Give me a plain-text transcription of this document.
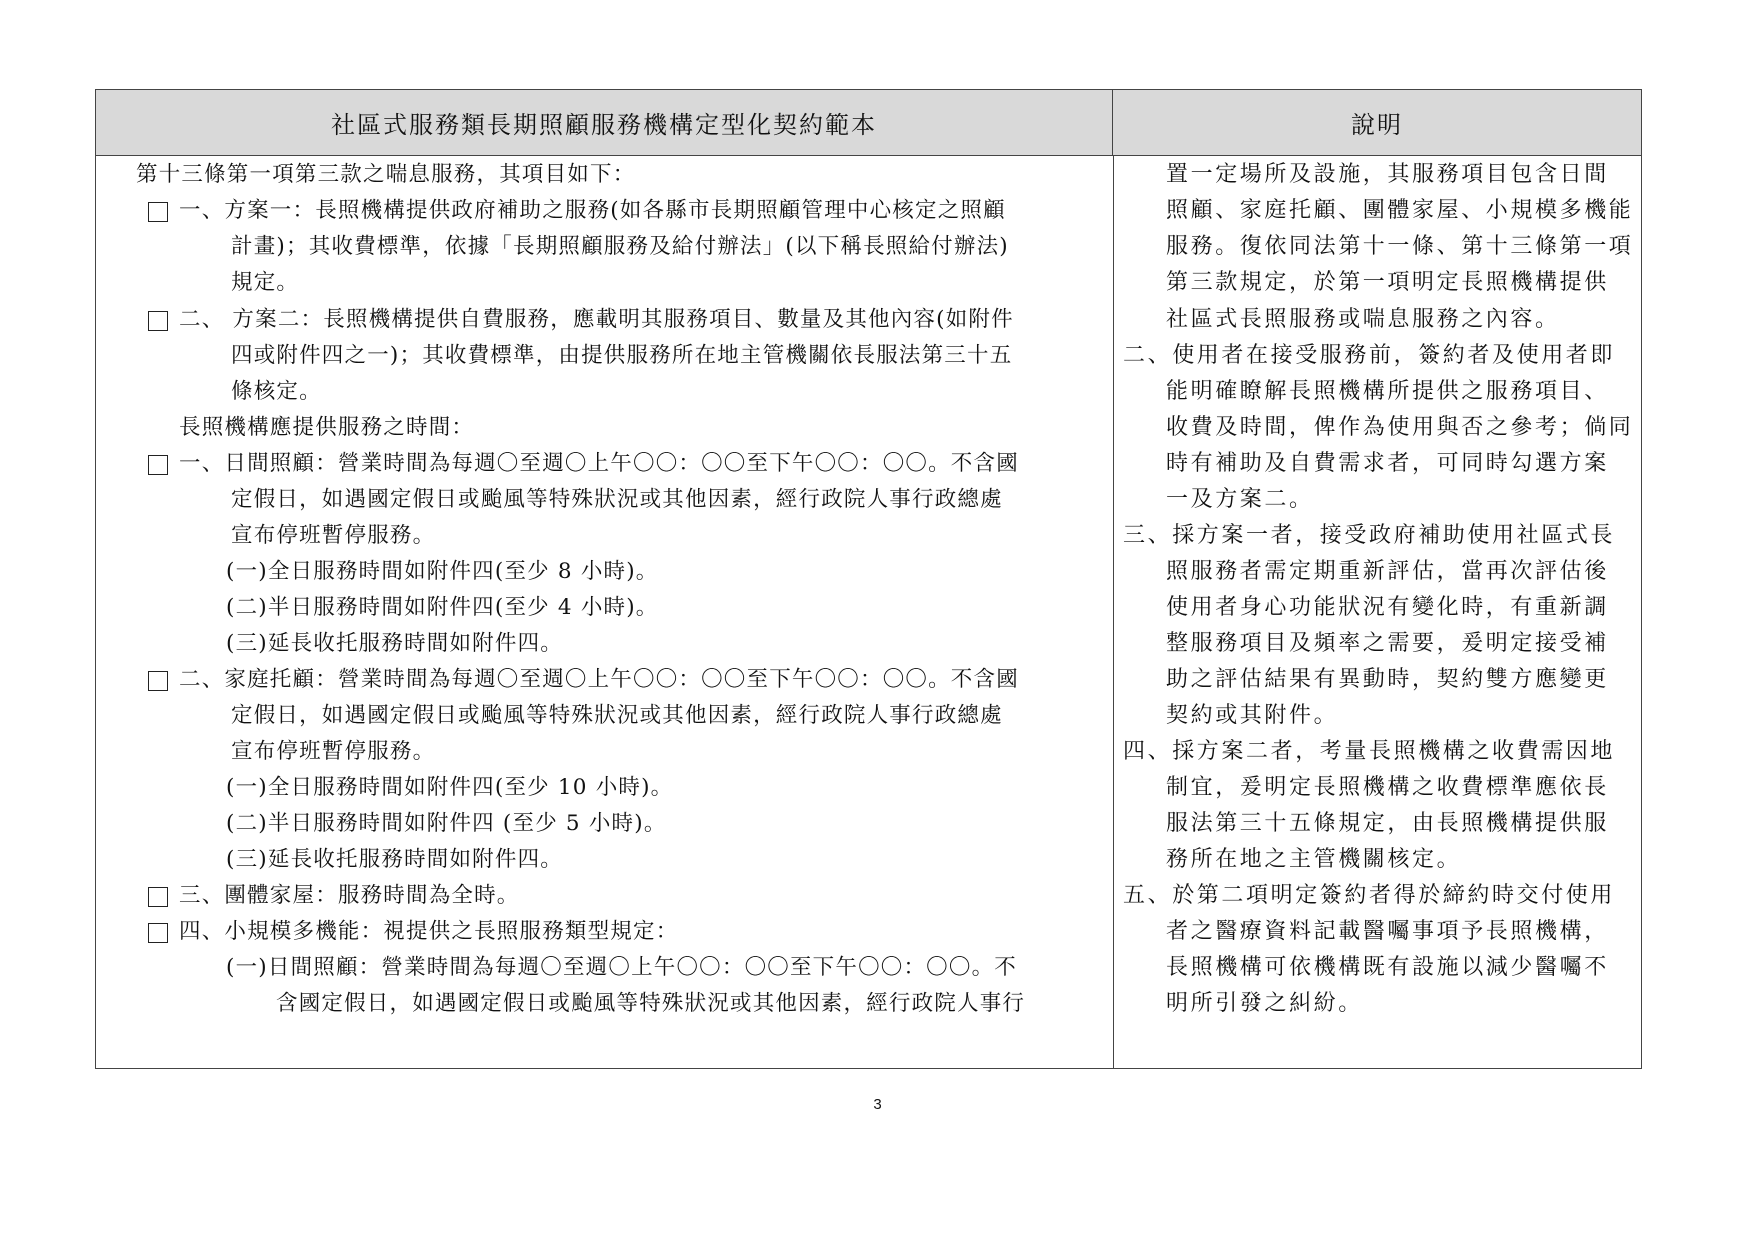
社區式服務類長期照顧服務機構定型化契約範本	說明
第十三條第一項第三款之喘息服務，其項目如下：
一、方案一：長照機構提供政府補助之服務(如各縣市長期照顧管理中心核定之照顧
計畫)；其收費標準，依據「長期照顧服務及給付辦法」(以下稱長照給付辦法)
規定。
二、 方案二：長照機構提供自費服務，應載明其服務項目、數量及其他內容(如附件
四或附件四之一)；其收費標準，由提供服務所在地主管機關依長服法第三十五
條核定。
長照機構應提供服務之時間：
一、日間照顧：營業時間為每週〇至週〇上午〇〇：〇〇至下午〇〇：〇〇。不含國
定假日，如遇國定假日或颱風等特殊狀況或其他因素，經行政院人事行政總處
宣布停班暫停服務。
(一)全日服務時間如附件四(至少 8 小時)。
(二)半日服務時間如附件四(至少 4 小時)。
(三)延長收托服務時間如附件四。
二、家庭托顧：營業時間為每週〇至週〇上午〇〇：〇〇至下午〇〇：〇〇。不含國
定假日，如遇國定假日或颱風等特殊狀況或其他因素，經行政院人事行政總處
宣布停班暫停服務。
(一)全日服務時間如附件四(至少 10 小時)。
(二)半日服務時間如附件四 (至少 5 小時)。
(三)延長收托服務時間如附件四。
三、團體家屋：服務時間為全時。
四、小規模多機能：視提供之長照服務類型規定：
(一)日間照顧：營業時間為每週〇至週〇上午〇〇：〇〇至下午〇〇：〇〇。不
含國定假日，如遇國定假日或颱風等特殊狀況或其他因素，經行政院人事行
置一定場所及設施，其服務項目包含日間
照顧、家庭托顧、團體家屋、小規模多機能
服務。復依同法第十一條、第十三條第一項
第三款規定，於第一項明定長照機構提供
社區式長照服務或喘息服務之內容。
二、使用者在接受服務前，簽約者及使用者即
能明確瞭解長照機構所提供之服務項目、
收費及時間，俾作為使用與否之參考；倘同
時有補助及自費需求者，可同時勾選方案
一及方案二。
三、採方案一者，接受政府補助使用社區式長
照服務者需定期重新評估，當再次評估後
使用者身心功能狀況有變化時，有重新調
整服務項目及頻率之需要，爰明定接受補
助之評估結果有異動時，契約雙方應變更
契約或其附件。
四、採方案二者，考量長照機構之收費需因地
制宜，爰明定長照機構之收費標準應依長
服法第三十五條規定，由長照機構提供服
務所在地之主管機關核定。
五、於第二項明定簽約者得於締約時交付使用
者之醫療資料記載醫囑事項予長照機構，
長照機構可依機構既有設施以減少醫囑不
明所引發之糾紛。
3
